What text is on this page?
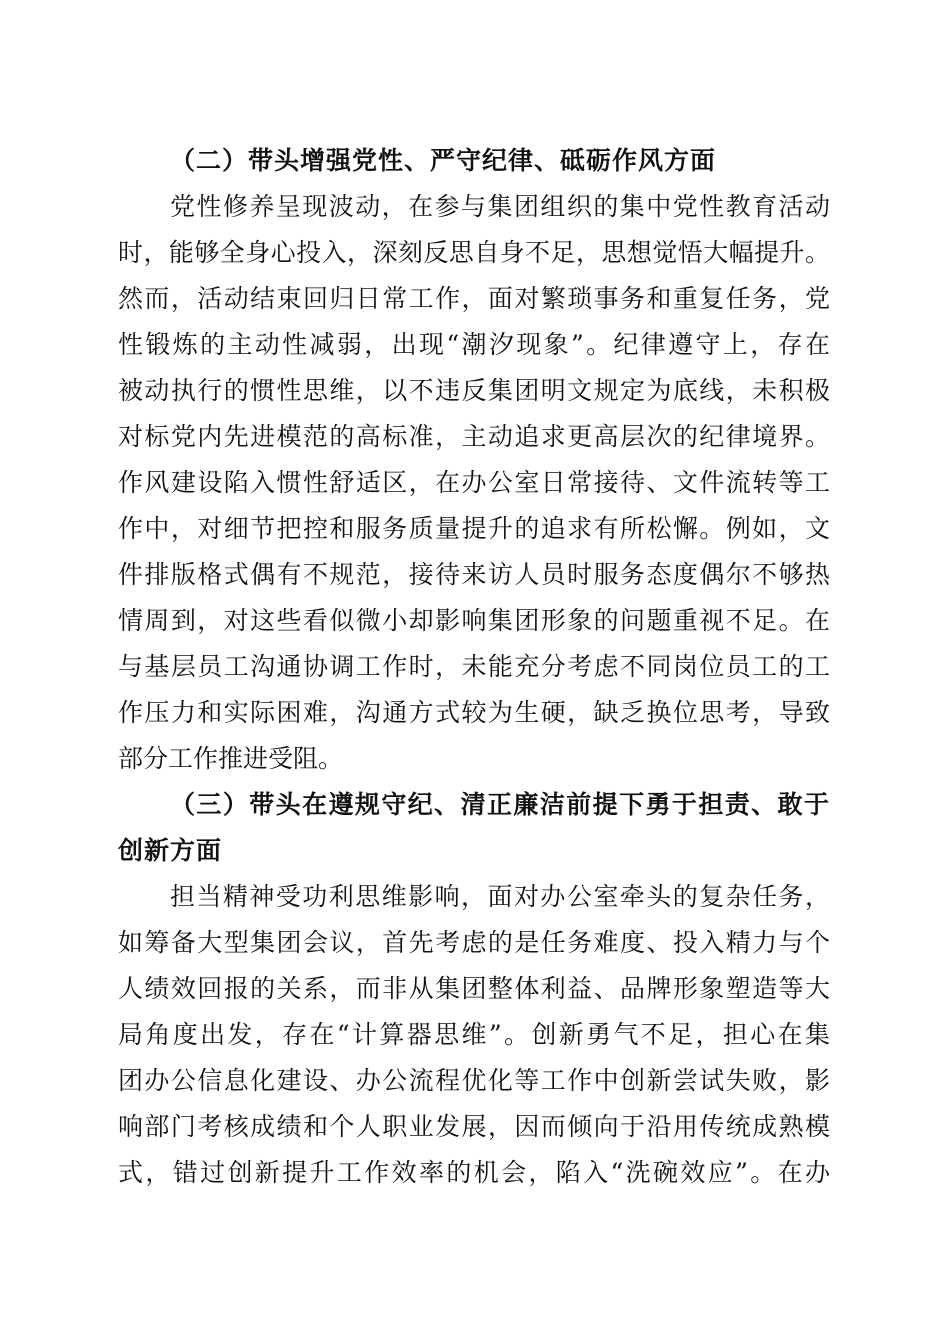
（二）带头增强党性、严守纪律、砥砺作风方面
党性修养呈现波动，在参与集团组织的集中党性教育活动
时，能够全身心投入，深刻反思自身不足，思想觉悟大幅提升。
然而，活动结束回归日常工作，面对繁琐事务和重复任务，党
性锻炼的主动性减弱，出现“潮汐现象”。纪律遵守上，存在
被动执行的惯性思维，以不违反集团明文规定为底线，未积极
对标党内先进模范的高标准，主动追求更高层次的纪律境界。
作风建设陷入惯性舒适区，在办公室日常接待、文件流转等工
作中，对细节把控和服务质量提升的追求有所松懈。例如，文
件排版格式偶有不规范，接待来访人员时服务态度偶尔不够热
情周到，对这些看似微小却影响集团形象的问题重视不足。在
与基层员工沟通协调工作时，未能充分考虑不同岗位员工的工
作压力和实际困难，沟通方式较为生硬，缺乏换位思考，导致
部分工作推进受阻。
（三）带头在遵规守纪、清正廉洁前提下勇于担责、敢于
创新方面
担当精神受功利思维影响，面对办公室牵头的复杂任务，
如筹备大型集团会议，首先考虑的是任务难度、投入精力与个
人绩效回报的关系，而非从集团整体利益、品牌形象塑造等大
局角度出发，存在“计算器思维”。创新勇气不足，担心在集
团办公信息化建设、办公流程优化等工作中创新尝试失败，影
响部门考核成绩和个人职业发展，因而倾向于沿用传统成熟模
式，错过创新提升工作效率的机会，陷入“洗碗效应”。在办
